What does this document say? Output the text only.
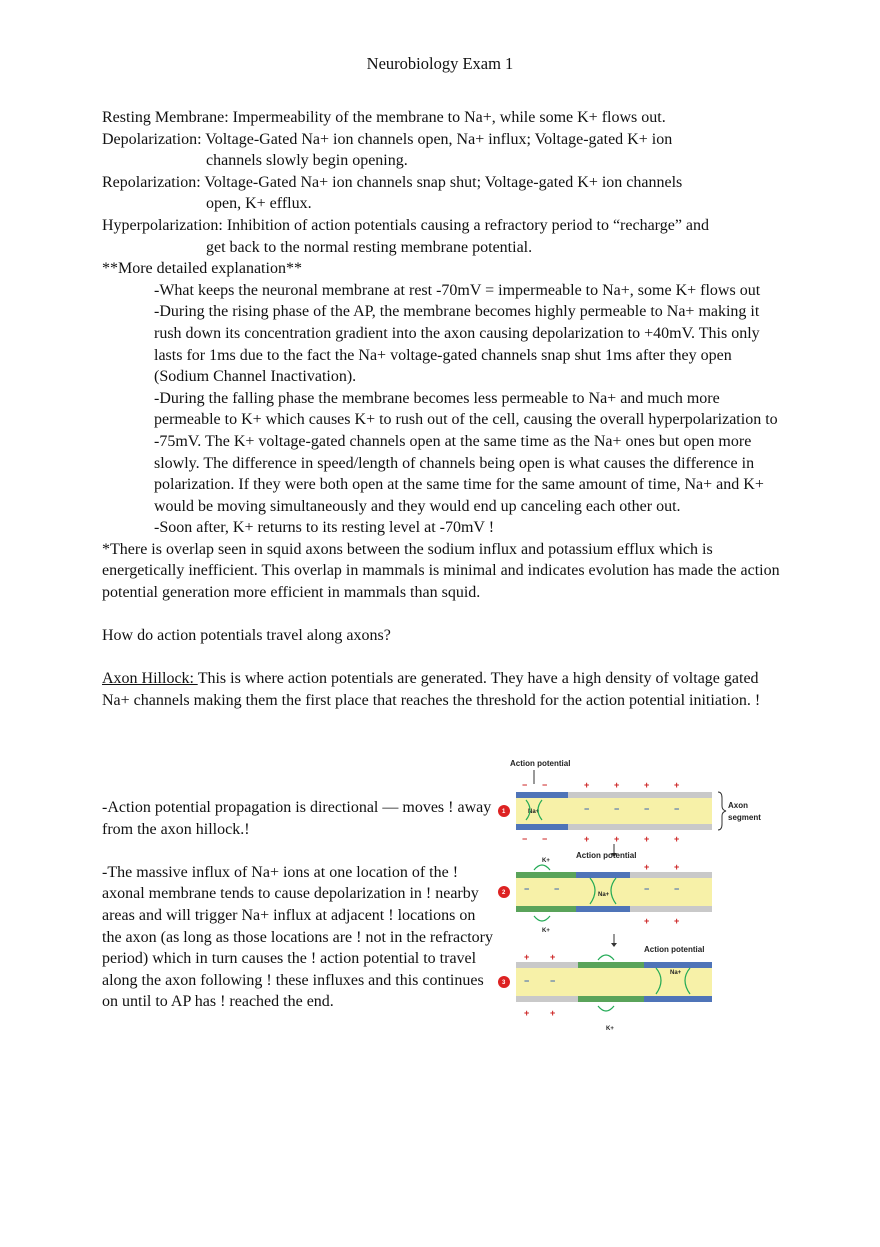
Neurobiology Exam 1

Resting Membrane: Impermeability of the membrane to Na+, while some K+ flows out.

Depolarization: Voltage-Gated Na+ ion channels open, Na+ influx; Voltage-gated K+ ion
channels slowly begin opening.

Repolarization: Voltage-Gated Na+ ion channels snap shut; Voltage-gated K+ ion channels
open, K+ efflux.

Hyperpolarization: Inhibition of action potentials causing a refractory period to “recharge” and
get back to the normal resting membrane potential.

**More detailed explanation**

-What keeps the neuronal membrane at rest -70mV = impermeable to Na+, some K+ flows out

-During the rising phase of the AP, the membrane becomes highly permeable to Na+ making it rush down its concentration gradient into the axon causing depolarization to +40mV. This only lasts for 1ms due to the fact the Na+ voltage-gated channels snap shut 1ms after they open (Sodium Channel Inactivation).

-During the falling phase the membrane becomes less permeable to Na+ and much more permeable to K+ which causes K+ to rush out of the cell, causing the overall hyperpolarization to -75mV. The K+ voltage-gated channels open at the same time as the Na+ ones but open more slowly. The difference in speed/length of channels being open is what causes the difference in polarization. If they were both open at the same time for the same amount of time, Na+ and K+ would be moving simultaneously and they would end up canceling each other out.

-Soon after, K+ returns to its resting level at -70mV !

*There is overlap seen in squid axons between the sodium influx and potassium efflux which is energetically inefficient. This overlap in mammals is minimal and indicates evolution has made the action potential generation more efficient in mammals than squid.

How do action potentials travel along axons?

Axon Hillock: This is where action potentials are generated. They have a high density of voltage gated Na+ channels making them the first place that reaches the threshold for the action potential initiation. !

-Action potential propagation is directional — moves ! away from the axon hillock.!

-The massive influx of Na+ ions at one location of the ! axonal membrane tends to cause depolarization in ! nearby areas and will trigger Na+ influx at adjacent ! locations on the axon (as long as those locations are ! not in the refractory period) which in turn causes the ! action potential to travel along the axon following ! these influxes and this continues on until to AP has ! reached the end.

Action potential
1	Na+
− −	+	+	+	+
−	−	−	−
− −	+	+	+	+
Axon
segment
Action potential
K+
2	Na+
K+
−	−	−	−
+	+
+	+
Action potential
3
Na+
K+
− −
+ +
+ +
